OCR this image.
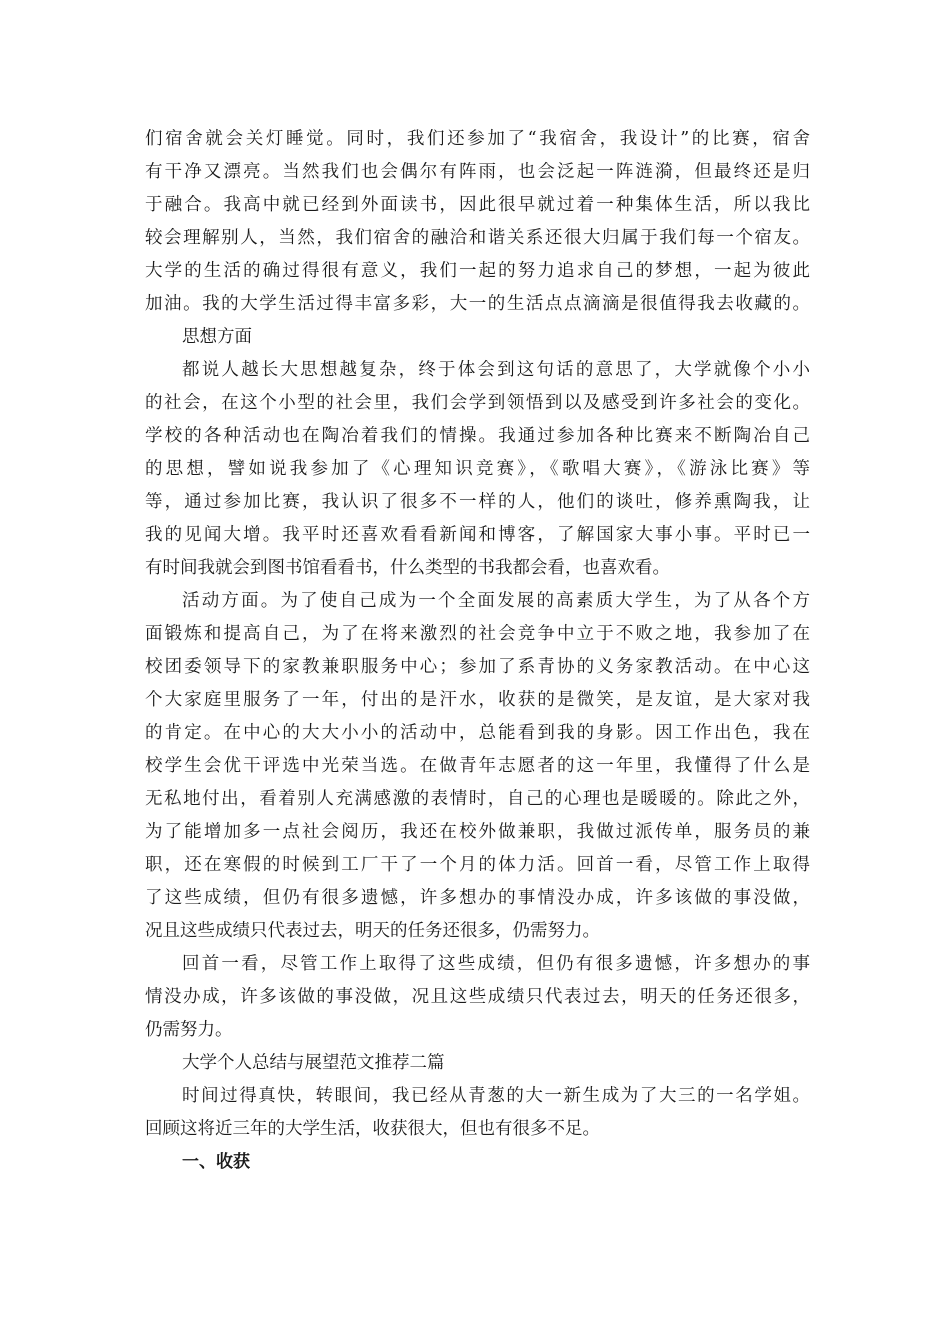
们宿舍就会关灯睡觉。同时，我们还参加了“我宿舍，我设计”的比赛，宿舍
有干净又漂亮。当然我们也会偶尔有阵雨，也会泛起一阵涟漪，但最终还是归
于融合。我高中就已经到外面读书，因此很早就过着一种集体生活，所以我比
较会理解别人，当然，我们宿舍的融洽和谐关系还很大归属于我们每一个宿友。
大学的生活的确过得很有意义，我们一起的努力追求自己的梦想，一起为彼此
加油。我的大学生活过得丰富多彩，大一的生活点点滴滴是很值得我去收藏的。
思想方面
都说人越长大思想越复杂，终于体会到这句话的意思了，大学就像个小小
的社会，在这个小型的社会里，我们会学到领悟到以及感受到许多社会的变化。
学校的各种活动也在陶冶着我们的情操。我通过参加各种比赛来不断陶冶自己
的思想，譬如说我参加了《心理知识竞赛》，《歌唱大赛》，《游泳比赛》等
等，通过参加比赛，我认识了很多不一样的人，他们的谈吐，修养熏陶我，让
我的见闻大增。我平时还喜欢看看新闻和博客，了解国家大事小事。平时已一
有时间我就会到图书馆看看书，什么类型的书我都会看，也喜欢看。
活动方面。为了使自己成为一个全面发展的高素质大学生，为了从各个方
面锻炼和提高自己，为了在将来激烈的社会竞争中立于不败之地，我参加了在
校团委领导下的家教兼职服务中心；参加了系青协的义务家教活动。在中心这
个大家庭里服务了一年，付出的是汗水，收获的是微笑，是友谊，是大家对我
的肯定。在中心的大大小小的活动中，总能看到我的身影。因工作出色，我在
校学生会优干评选中光荣当选。在做青年志愿者的这一年里，我懂得了什么是
无私地付出，看着别人充满感激的表情时，自己的心理也是暖暖的。除此之外，
为了能增加多一点社会阅历，我还在校外做兼职，我做过派传单，服务员的兼
职，还在寒假的时候到工厂干了一个月的体力活。回首一看，尽管工作上取得
了这些成绩，但仍有很多遗憾，许多想办的事情没办成，许多该做的事没做，
况且这些成绩只代表过去，明天的任务还很多，仍需努力。
回首一看，尽管工作上取得了这些成绩，但仍有很多遗憾，许多想办的事
情没办成，许多该做的事没做，况且这些成绩只代表过去，明天的任务还很多，
仍需努力。
大学个人总结与展望范文推荐二篇
时间过得真快，转眼间，我已经从青葱的大一新生成为了大三的一名学姐。
回顾这将近三年的大学生活，收获很大，但也有很多不足。
一、收获
